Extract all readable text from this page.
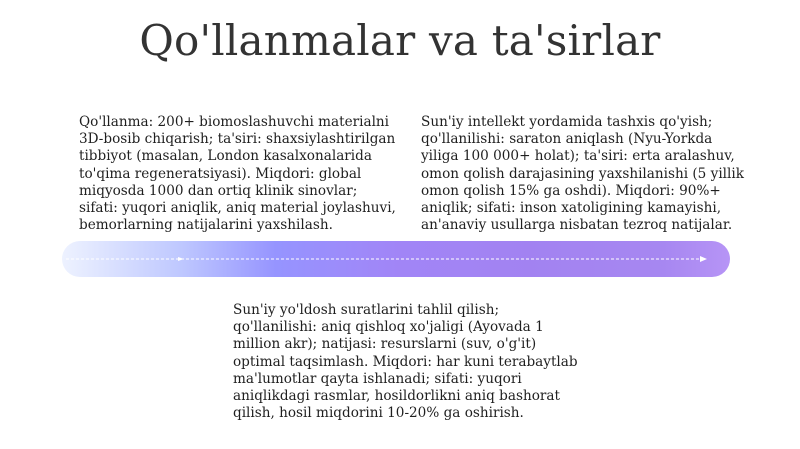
Qo'llanmalar va ta'sirlar
Qo'llanma: 200+ biomoslashuvchi materialni 3D-bosib chiqarish; ta'siri: shaxsiylashtirilgan tibbiyot (masalan, London kasalxonalarida to'qima regeneratsiyasi). Miqdori: global miqyosda 1000 dan ortiq klinik sinovlar; sifati: yuqori aniqlik, aniq material joylashuvi, bemorlarning natijalarini yaxshilash.
Sun'iy intellekt yordamida tashxis qo'yish; qo'llanilishi: saraton aniqlash (Nyu-Yorkda yiliga 100 000+ holat); ta'siri: erta aralashuv, omon qolish darajasining yaxshilanishi (5 yillik omon qolish 15% ga oshdi). Miqdori: 90%+ aniqlik; sifati: inson xatoligining kamayishi, an'anaviy usullarga nisbatan tezroq natijalar.
Sun'iy yo'ldosh suratlarini tahlil qilish; qo'llanilishi: aniq qishloq xo'jaligi (Ayovada 1 million akr); natijasi: resurslarni (suv, o'g'it) optimal taqsimlash. Miqdori: har kuni terabaytlab ma'lumotlar qayta ishlanadi; sifati: yuqori aniqlikdagi rasmlar, hosildorlikni aniq bashorat qilish, hosil miqdorini 10-20% ga oshirish.
